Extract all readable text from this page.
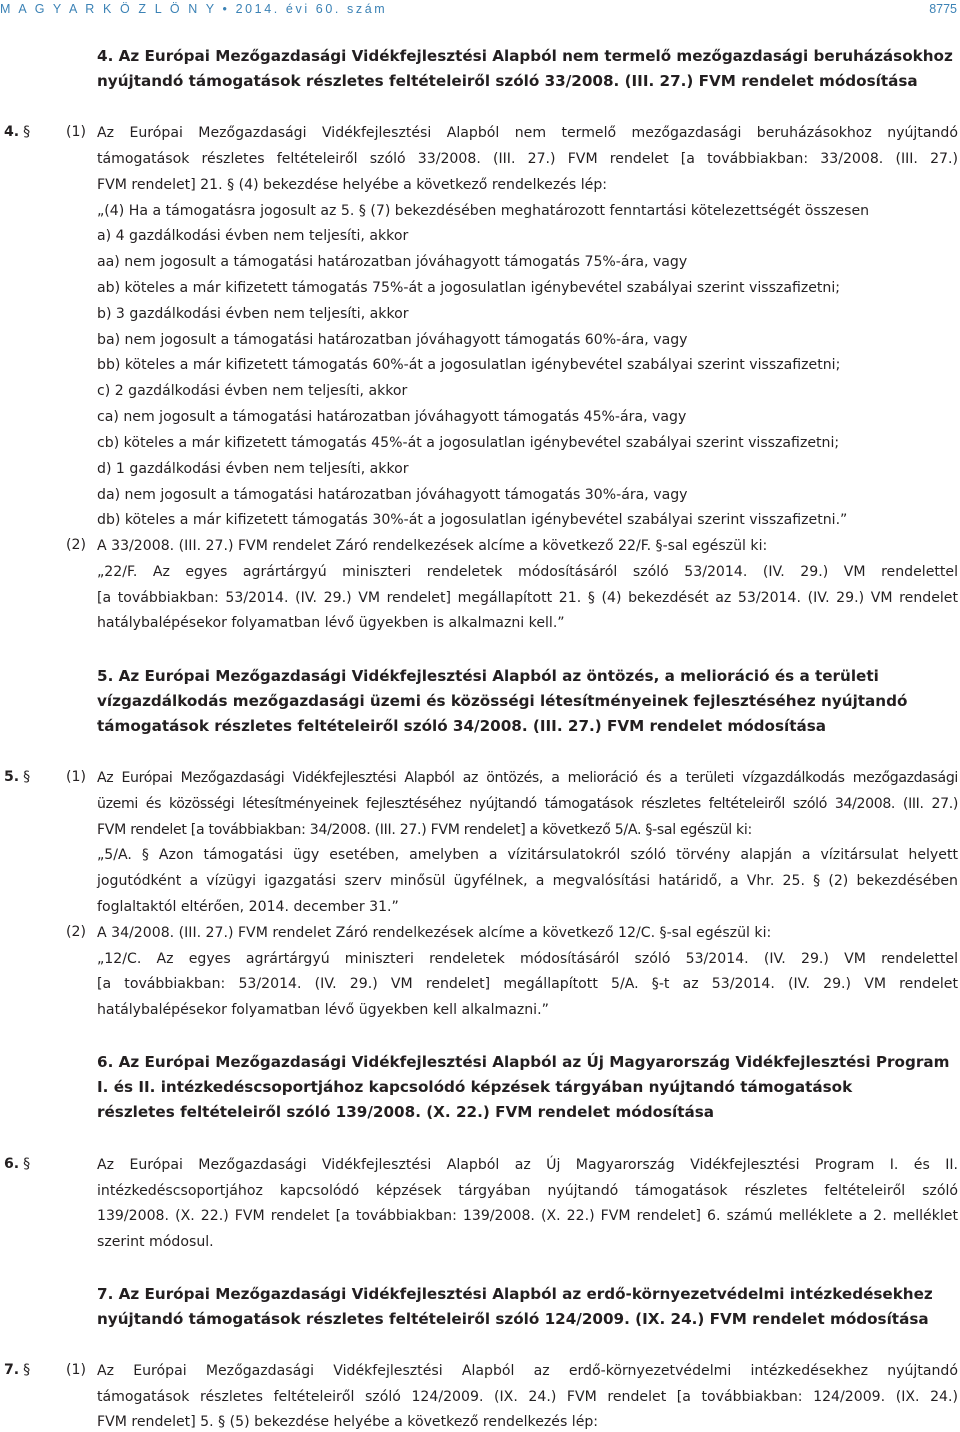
M A G Y A R K Ö Z L Ö N Y • 2014. évi 60. szám	8775
4. Az Európai Mezőgazdasági Vidékfejlesztési Alapból nem termelő mezőgazdasági beruházásokhoz
nyújtandó támogatások részletes feltételeiről szóló 33/2008. (III. 27.) FVM rendelet módosítása
4. §	(1) Az Európai Mezőgazdasági Vidékfejlesztési Alapból nem termelő mezőgazdasági beruházásokhoz nyújtandó
támogatások részletes feltételeiről szóló 33/2008. (III. 27.) FVM rendelet [a továbbiakban: 33/2008. (III. 27.)
FVM rendelet] 21. § (4) bekezdése helyébe a következő rendelkezés lép:
„(4) Ha a támogatásra jogosult az 5. § (7) bekezdésében meghatározott fenntartási kötelezettségét összesen
a) 4 gazdálkodási évben nem teljesíti, akkor
aa) nem jogosult a támogatási határozatban jóváhagyott támogatás 75%-ára, vagy
ab) köteles a már kifizetett támogatás 75%-át a jogosulatlan igénybevétel szabályai szerint visszafizetni;
b) 3 gazdálkodási évben nem teljesíti, akkor
ba) nem jogosult a támogatási határozatban jóváhagyott támogatás 60%-ára, vagy
bb) köteles a már kifizetett támogatás 60%-át a jogosulatlan igénybevétel szabályai szerint visszafizetni;
c) 2 gazdálkodási évben nem teljesíti, akkor
ca) nem jogosult a támogatási határozatban jóváhagyott támogatás 45%-ára, vagy
cb) köteles a már kifizetett támogatás 45%-át a jogosulatlan igénybevétel szabályai szerint visszafizetni;
d) 1 gazdálkodási évben nem teljesíti, akkor
da) nem jogosult a támogatási határozatban jóváhagyott támogatás 30%-ára, vagy
db) köteles a már kifizetett támogatás 30%-át a jogosulatlan igénybevétel szabályai szerint visszafizetni.”
(2) A 33/2008. (III. 27.) FVM rendelet Záró rendelkezések alcíme a következő 22/F. §-sal egészül ki:
„22/F. Az egyes agrártárgyú miniszteri rendeletek módosításáról szóló 53/2014. (IV. 29.) VM rendelettel
[a továbbiakban: 53/2014. (IV. 29.) VM rendelet] megállapított 21. § (4) bekezdését az 53/2014. (IV. 29.) VM rendelet
hatálybalépésekor folyamatban lévő ügyekben is alkalmazni kell.”
5. Az Európai Mezőgazdasági Vidékfejlesztési Alapból az öntözés, a melioráció és a területi
vízgazdálkodás mezőgazdasági üzemi és közösségi létesítményeinek fejlesztéséhez nyújtandó
támogatások részletes feltételeiről szóló 34/2008. (III. 27.) FVM rendelet módosítása
5. §	(1) Az Európai Mezőgazdasági Vidékfejlesztési Alapból az öntözés, a melioráció és a területi vízgazdálkodás mezőgazdasági
üzemi és közösségi létesítményeinek fejlesztéséhez nyújtandó támogatások részletes feltételeiről szóló 34/2008. (III. 27.)
FVM rendelet [a továbbiakban: 34/2008. (III. 27.) FVM rendelet] a következő 5/A. §-sal egészül ki:
„5/A. § Azon támogatási ügy esetében, amelyben a vízitársulatokról szóló törvény alapján a vízitársulat helyett
jogutódként a vízügyi igazgatási szerv minősül ügyfélnek, a megvalósítási határidő, a Vhr. 25. § (2) bekezdésében
foglaltaktól eltérően, 2014. december 31.”
(2) A 34/2008. (III. 27.) FVM rendelet Záró rendelkezések alcíme a következő 12/C. §-sal egészül ki:
„12/C. Az egyes agrártárgyú miniszteri rendeletek módosításáról szóló 53/2014. (IV. 29.) VM rendelettel
[a továbbiakban: 53/2014. (IV. 29.) VM rendelet] megállapított 5/A. §-t az 53/2014. (IV. 29.) VM rendelet
hatálybalépésekor folyamatban lévő ügyekben kell alkalmazni.”
6. Az Európai Mezőgazdasági Vidékfejlesztési Alapból az Új Magyarország Vidékfejlesztési Program
I. és II. intézkedéscsoportjához kapcsolódó képzések tárgyában nyújtandó támogatások
részletes feltételeiről szóló 139/2008. (X. 22.) FVM rendelet módosítása
6. §	Az Európai Mezőgazdasági Vidékfejlesztési Alapból az Új Magyarország Vidékfejlesztési Program I. és II.
intézkedéscsoportjához kapcsolódó képzések tárgyában nyújtandó támogatások részletes feltételeiről szóló
139/2008. (X. 22.) FVM rendelet [a továbbiakban: 139/2008. (X. 22.) FVM rendelet] 6. számú melléklete a 2. melléklet
szerint módosul.
7. Az Európai Mezőgazdasági Vidékfejlesztési Alapból az erdő-környezetvédelmi intézkedésekhez
nyújtandó támogatások részletes feltételeiről szóló 124/2009. (IX. 24.) FVM rendelet módosítása
7. §	(1) Az Európai Mezőgazdasági Vidékfejlesztési Alapból az erdő-környezetvédelmi intézkedésekhez nyújtandó
támogatások részletes feltételeiről szóló 124/2009. (IX. 24.) FVM rendelet [a továbbiakban: 124/2009. (IX. 24.)
FVM rendelet] 5. § (5) bekezdése helyébe a következő rendelkezés lép:
